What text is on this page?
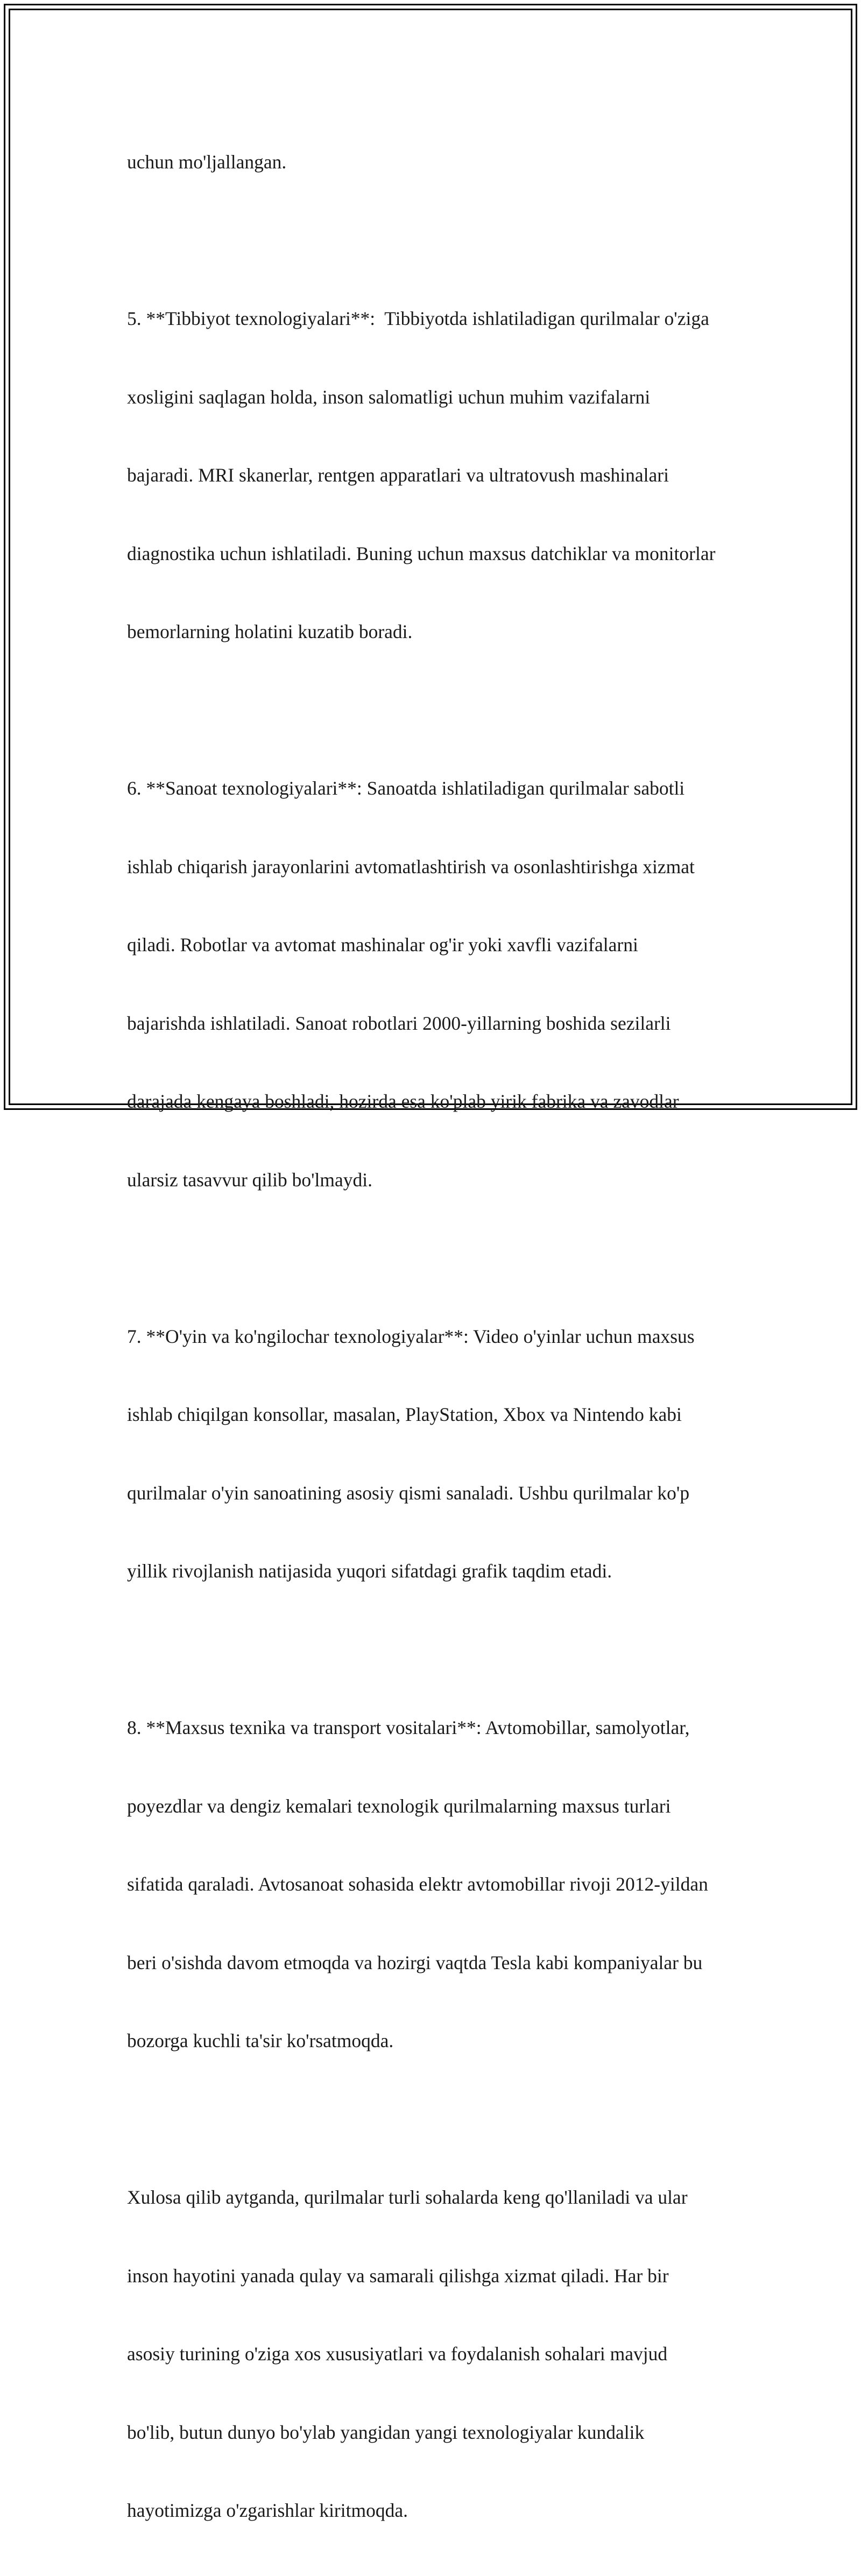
uchun mo'ljallangan.

5. **Tibbiyot texnologiyalari**:  Tibbiyotda ishlatiladigan qurilmalar o'ziga

xosligini saqlagan holda, inson salomatligi uchun muhim vazifalarni

bajaradi. MRI skanerlar, rentgen apparatlari va ultratovush mashinalari

diagnostika uchun ishlatiladi. Buning uchun maxsus datchiklar va monitorlar

bemorlarning holatini kuzatib boradi.

6. **Sanoat texnologiyalari**: Sanoatda ishlatiladigan qurilmalar sabotli

ishlab chiqarish jarayonlarini avtomatlashtirish va osonlashtirishga xizmat

qiladi. Robotlar va avtomat mashinalar og'ir yoki xavfli vazifalarni

bajarishda ishlatiladi. Sanoat robotlari 2000-yillarning boshida sezilarli

darajada kengaya boshladi, hozirda esa ko'plab yirik fabrika va zavodlar

ularsiz tasavvur qilib bo'lmaydi.

7. **O'yin va ko'ngilochar texnologiyalar**: Video o'yinlar uchun maxsus

ishlab chiqilgan konsollar, masalan, PlayStation, Xbox va Nintendo kabi

qurilmalar o'yin sanoatining asosiy qismi sanaladi. Ushbu qurilmalar ko'p

yillik rivojlanish natijasida yuqori sifatdagi grafik taqdim etadi.

8. **Maxsus texnika va transport vositalari**: Avtomobillar, samolyotlar,

poyezdlar va dengiz kemalari texnologik qurilmalarning maxsus turlari

sifatida qaraladi. Avtosanoat sohasida elektr avtomobillar rivoji 2012-yildan

beri o'sishda davom etmoqda va hozirgi vaqtda Tesla kabi kompaniyalar bu

bozorga kuchli ta'sir ko'rsatmoqda.

Xulosa qilib aytganda, qurilmalar turli sohalarda keng qo'llaniladi va ular

inson hayotini yanada qulay va samarali qilishga xizmat qiladi. Har bir

asosiy turining o'ziga xos xususiyatlari va foydalanish sohalari mavjud

bo'lib, butun dunyo bo'ylab yangidan yangi texnologiyalar kundalik

hayotimizga o'zgarishlar kiritmoqda.
